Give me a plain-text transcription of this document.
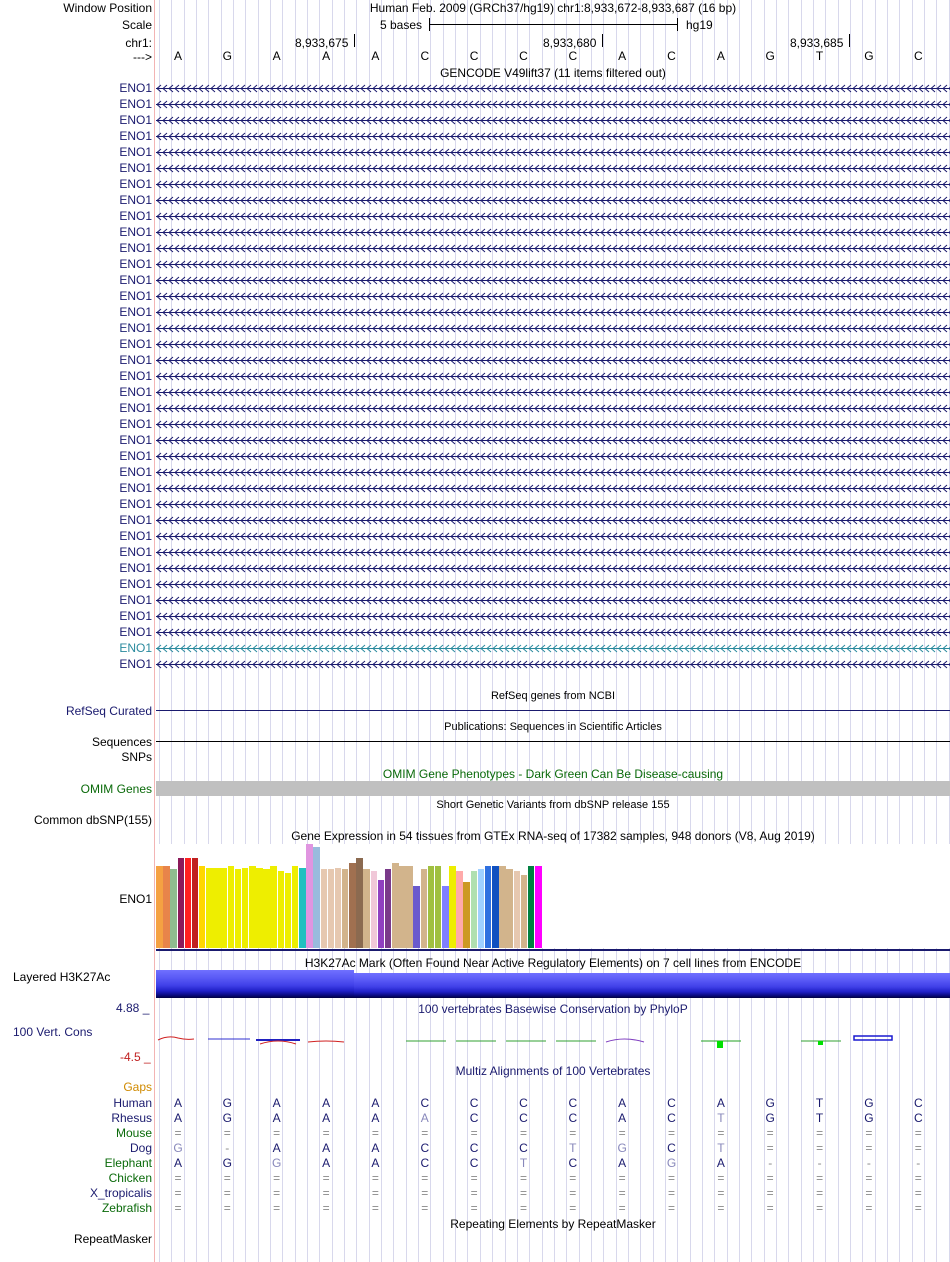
Window Position
Scale
chr1:
--->
Human Feb. 2009 (GRCh37/hg19) chr1:8,933,672-8,933,687 (16 bp)
5 bases	hg19
8,933,675	8,933,680	8,933,685
A	G	A	A	A	C	C	C	C	A	C	A	G	T	G	C
GENCODE V49lift37 (11 items filtered out)
ENO1
ENO1
ENO1
ENO1
ENO1
ENO1
ENO1
ENO1
ENO1
ENO1
ENO1
ENO1
ENO1
ENO1
ENO1
ENO1
ENO1
ENO1
ENO1
ENO1
ENO1
ENO1
ENO1
ENO1
ENO1
ENO1
ENO1
ENO1
ENO1
ENO1
ENO1
ENO1
ENO1
ENO1
ENO1
ENO1
ENO1
RefSeq genes from NCBI
RefSeq Curated
Publications: Sequences in Scientific Articles
Sequences
SNPs
OMIM Gene Phenotypes - Dark Green Can Be Disease-causing
OMIM Genes
Short Genetic Variants from dbSNP release 155
Common dbSNP(155)
Gene Expression in 54 tissues from GTEx RNA-seq of 17382 samples, 948 donors (V8, Aug 2019)
ENO1
H3K27Ac Mark (Often Found Near Active Regulatory Elements) on 7 cell lines from ENCODE
Layered H3K27Ac
4.88 _	100 vertebrates Basewise Conservation by PhyloP
100 Vert. Cons
-4.5 _
Multiz Alignments of 100 Vertebrates
Gaps
Human	A	G	A	A	A	C	C	C	C	A	C	A	G	T	G	C
Rhesus	A	G	A	A	A	A	C	C	C	A	C	T	G	T	G	C
Mouse	=	=	=	=	=	=	=	=	=	=	=	=	=	=	=	=
Dog	G	-	A	A	A	C	C	C	T	G	C	T	=	=	=	=
Elephant	A	G	G	A	A	C	C	T	C	A	G	A	-	-	-	-
Chicken	=	=	=	=	=	=	=	=	=	=	=	=	=	=	=	=
X_tropicalis	=	=	=	=	=	=	=	=	=	=	=	=	=	=	=	=
Zebrafish	=	=	=	=	=	=	=	=	=	=	=	=	=	=	=	=
Repeating Elements by RepeatMasker
RepeatMasker
